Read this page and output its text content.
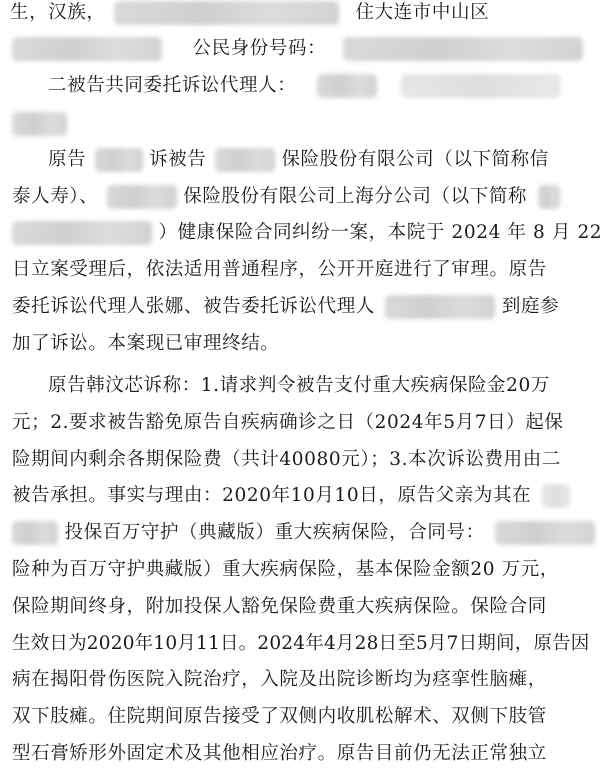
生，汉族，	住大连市中山区
公民身份号码：
二被告共同委托诉讼代理人：
原告	诉被告	保险股份有限公司（以下简称信
泰人寿）、	保险股份有限公司上海分公司（以下简称
）健康保险合同纠纷一案，本院于 2024 年 8 月 22
日立案受理后，依法适用普通程序，公开开庭进行了审理。原告
委托诉讼代理人张娜、被告委托诉讼代理人	到庭参
加了诉讼。本案现已审理终结。
原告韩汶芯诉称：1.请求判令被告支付重大疾病保险金20万
元；2.要求被告豁免原告自疾病确诊之日（2024年5月7日）起保
险期间内剩余各期保险费（共计40080元）；3.本次诉讼费用由二
被告承担。事实与理由：2020年10月10日，原告父亲为其在
投保百万守护（典藏版）重大疾病保险，合同号：
险种为百万守护典藏版）重大疾病保险，基本保险金额20 万元，
保险期间终身，附加投保人豁免保险费重大疾病保险。保险合同
生效日为2020年10月11日。2024年4月28日至5月7日期间，原告因
病在揭阳骨伤医院入院治疗，入院及出院诊断均为痉挛性脑瘫，
双下肢瘫。住院期间原告接受了双侧内收肌松解术、双侧下肢管
型石膏矫形外固定术及其他相应治疗。原告目前仍无法正常独立
